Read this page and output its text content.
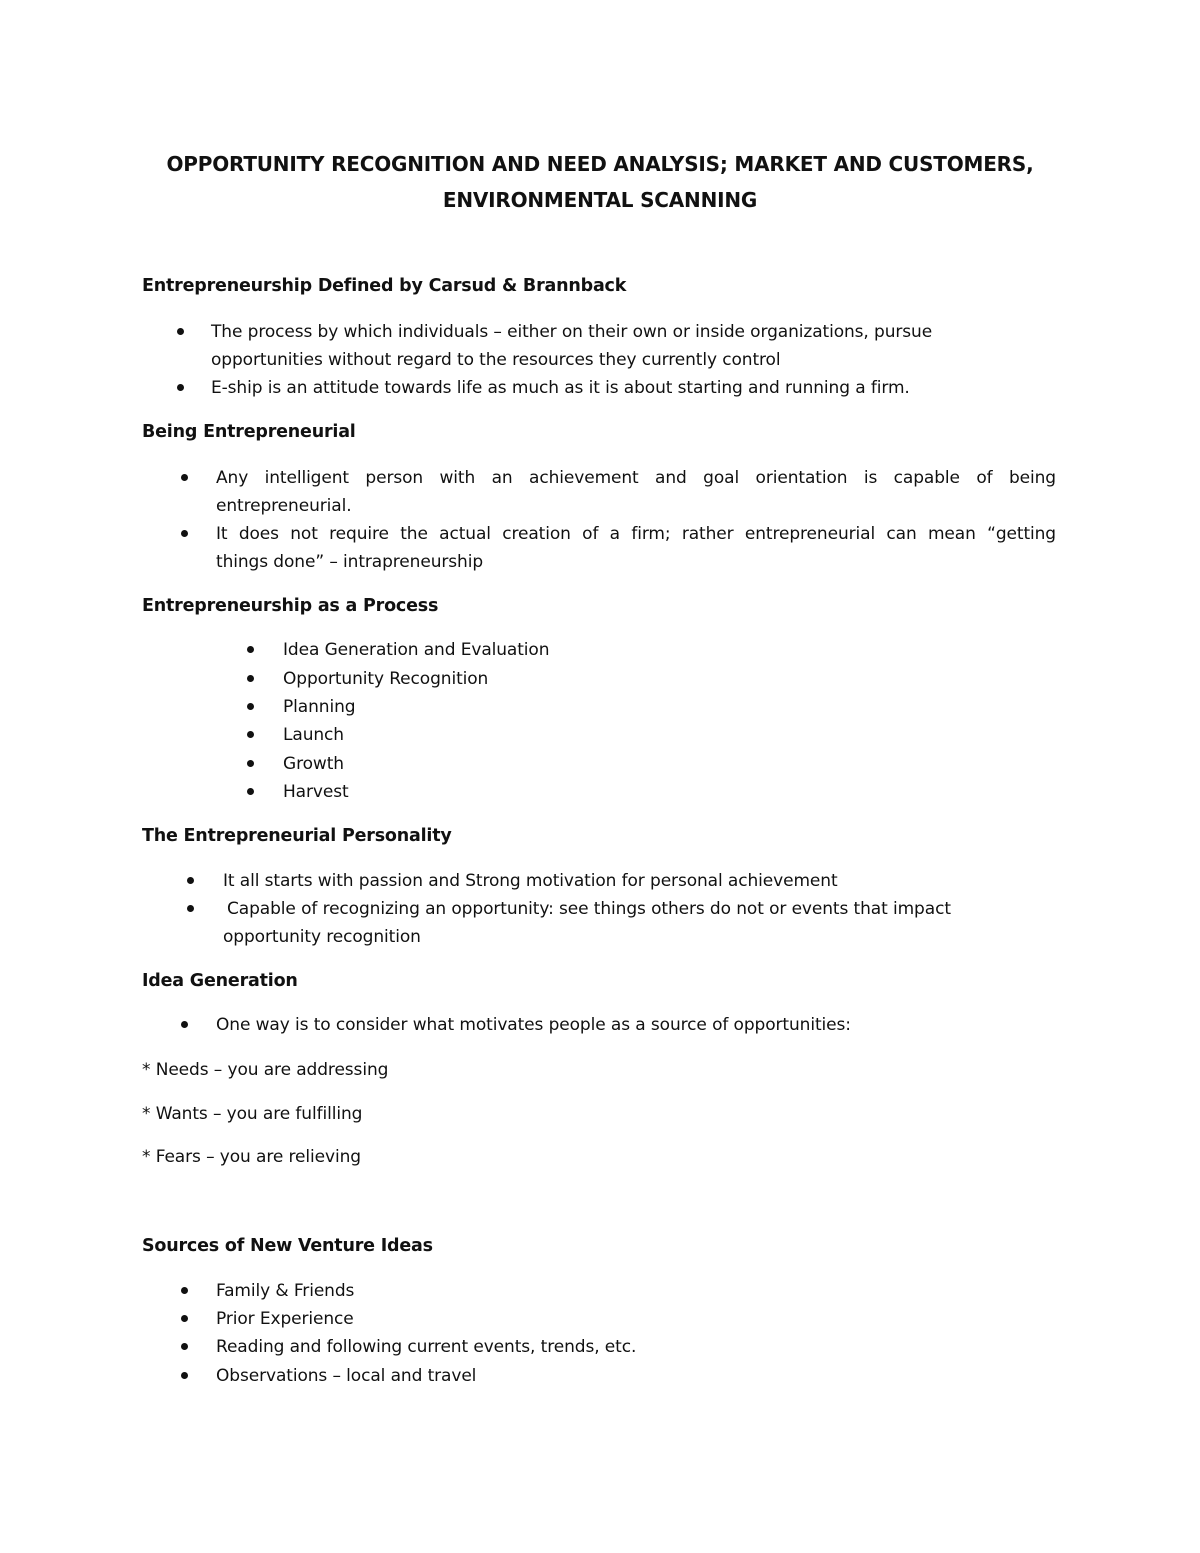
OPPORTUNITY RECOGNITION AND NEED ANALYSIS; MARKET AND CUSTOMERS,
ENVIRONMENTAL SCANNING
Entrepreneurship Defined by Carsud & Brannback
The process by which individuals – either on their own or inside organizations, pursue
opportunities without regard to the resources they currently control
E-ship is an attitude towards life as much as it is about starting and running a firm.
Being Entrepreneurial
Any intelligent person with an achievement and goal orientation is capable of being
entrepreneurial.
It does not require the actual creation of a firm; rather entrepreneurial can mean “getting
things done” – intrapreneurship
Entrepreneurship as a Process
Idea Generation and Evaluation
Opportunity Recognition
Planning
Launch
Growth
Harvest
The Entrepreneurial Personality
It all starts with passion and Strong motivation for personal achievement
Capable of recognizing an opportunity: see things others do not or events that impact
opportunity recognition
Idea Generation
One way is to consider what motivates people as a source of opportunities:
* Needs – you are addressing
* Wants – you are fulfilling
* Fears – you are relieving
Sources of New Venture Ideas
Family & Friends
Prior Experience
Reading and following current events, trends, etc.
Observations – local and travel
